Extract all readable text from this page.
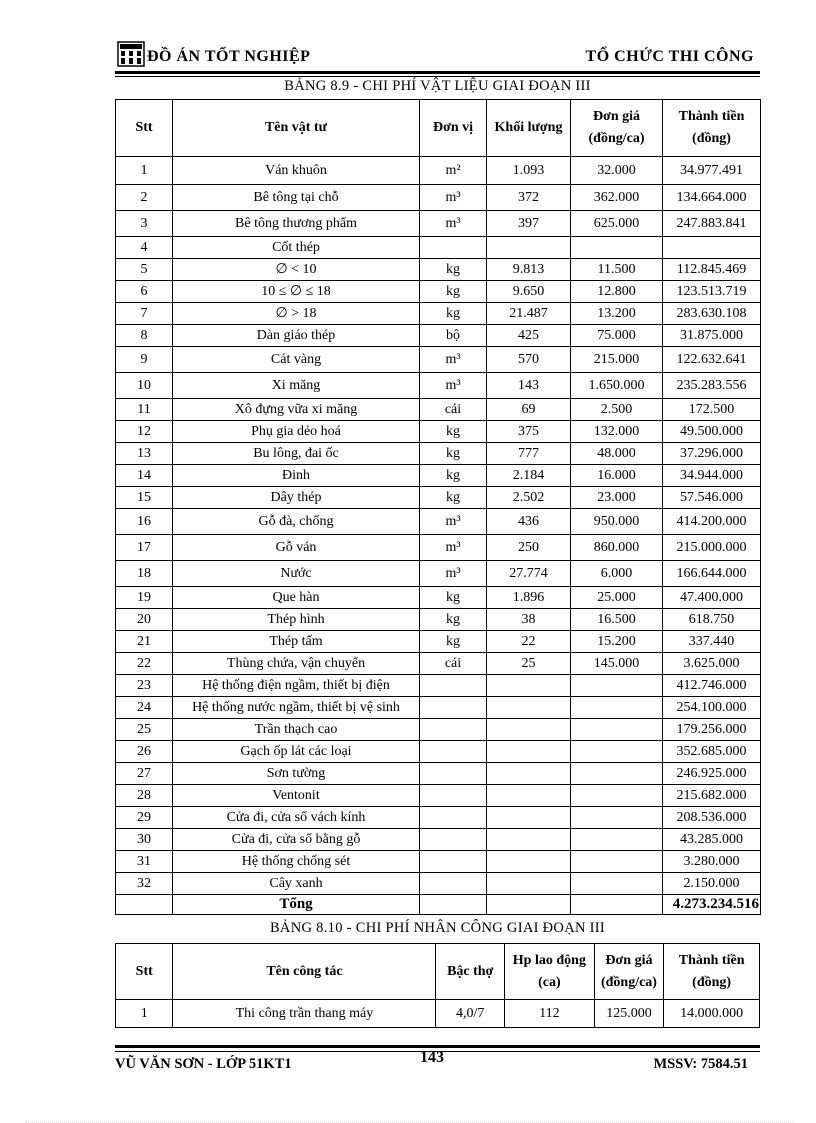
ĐỒ ÁN TỐT NGHIỆP	TỔ CHỨC THI CÔNG
BẢNG 8.9 - CHI PHÍ VẬT LIỆU GIAI ĐOẠN III
Stt	Tên vật tư	Đơn vị	Khối lượng	Đơn giá (đồng/ca)	Thành tiền (đồng)
1	Ván khuôn	m²	1.093	32.000	34.977.491
2	Bê tông tại chỗ	m³	372	362.000	134.664.000
3	Bê tông thương phẩm	m³	397	625.000	247.883.841
4	Cốt thép				
5	∅ < 10	kg	9.813	11.500	112.845.469
6	10 ≤ ∅ ≤ 18	kg	9.650	12.800	123.513.719
7	∅ > 18	kg	21.487	13.200	283.630.108
8	Dàn giáo thép	bộ	425	75.000	31.875.000
9	Cát vàng	m³	570	215.000	122.632.641
10	Xi măng	m³	143	1.650.000	235.283.556
11	Xô đựng vữa xi măng	cái	69	2.500	172.500
12	Phụ gia dẻo hoá	kg	375	132.000	49.500.000
13	Bu lông, đai ốc	kg	777	48.000	37.296.000
14	Đinh	kg	2.184	16.000	34.944.000
15	Dây thép	kg	2.502	23.000	57.546.000
16	Gỗ đà, chống	m³	436	950.000	414.200.000
17	Gỗ ván	m³	250	860.000	215.000.000
18	Nước	m³	27.774	6.000	166.644.000
19	Que hàn	kg	1.896	25.000	47.400.000
20	Thép hình	kg	38	16.500	618.750
21	Thép tấm	kg	22	15.200	337.440
22	Thùng chứa, vận chuyển	cái	25	145.000	3.625.000
23	Hệ thống điện ngầm, thiết bị điện				412.746.000
24	Hệ thống nước ngầm, thiết bị vệ sinh				254.100.000
25	Trần thạch cao				179.256.000
26	Gạch ốp lát các loại				352.685.000
27	Sơn tường				246.925.000
28	Ventonit				215.682.000
29	Cửa đi, cửa sổ vách kính				208.536.000
30	Cửa đi, cửa sổ bằng gỗ				43.285.000
31	Hệ thống chống sét				3.280.000
32	Cây xanh				2.150.000
	Tổng				4.273.234.516
BẢNG 8.10 - CHI PHÍ NHÂN CÔNG GIAI ĐOẠN III
Stt	Tên công tác	Bậc thợ	Hp lao động (ca)	Đơn giá (đồng/ca)	Thành tiền (đồng)
1	Thi công trần thang máy	4,0/7	112	125.000	14.000.000
VŨ VĂN SƠN - LỚP 51KT1	143	MSSV: 7584.51
